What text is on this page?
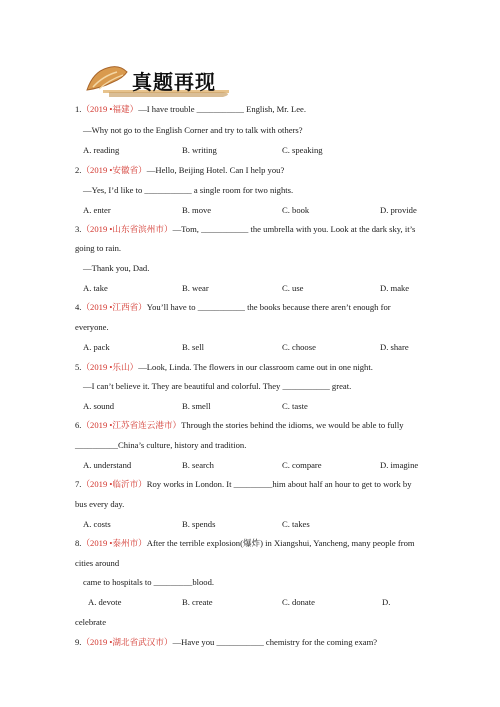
真题再现
1.（2019 •福建）—I have trouble ___________ English, Mr. Lee.
—Why not go to the English Corner and try to talk with others?
A. reading	B. writing	C. speaking
2.（2019 •安徽省）—Hello, Beijing Hotel. Can I help you?
—Yes, I’d like to ___________ a single room for two nights.
A. enter	B. move	C. book	D. provide
3.（2019 •山东省滨州市）—Tom, ___________ the umbrella with you. Look at the dark sky, it’s
going to rain.
—Thank you, Dad.
A. take	B. wear	C. use	D. make
4.（2019 •江西省）You’ll have to ___________ the books because there aren’t enough for
everyone.
A. pack	B. sell	C. choose	D. share
5.（2019 •乐山）—Look, Linda. The flowers in our classroom came out in one night.
—I can’t believe it. They are beautiful and colorful. They ___________ great.
A. sound	B. smell	C. taste
6.（2019 •江苏省连云港市）Through the stories behind the idioms, we would be able to fully
__________China’s culture, history and tradition.
A. understand	B. search	C. compare	D. imagine
7.（2019 •临沂市）Roy works in London. It _________him about half an hour to get to work by
bus every day.
A. costs	B. spends	C. takes
8.（2019 •泰州市）After the terrible explosion(爆炸) in Xiangshui, Yancheng, many people from
cities around
came to hospitals to _________blood.
A. devote	B. create	C. donate	D.
celebrate
9.（2019 •湖北省武汉市）—Have you ___________ chemistry for the coming exam?
